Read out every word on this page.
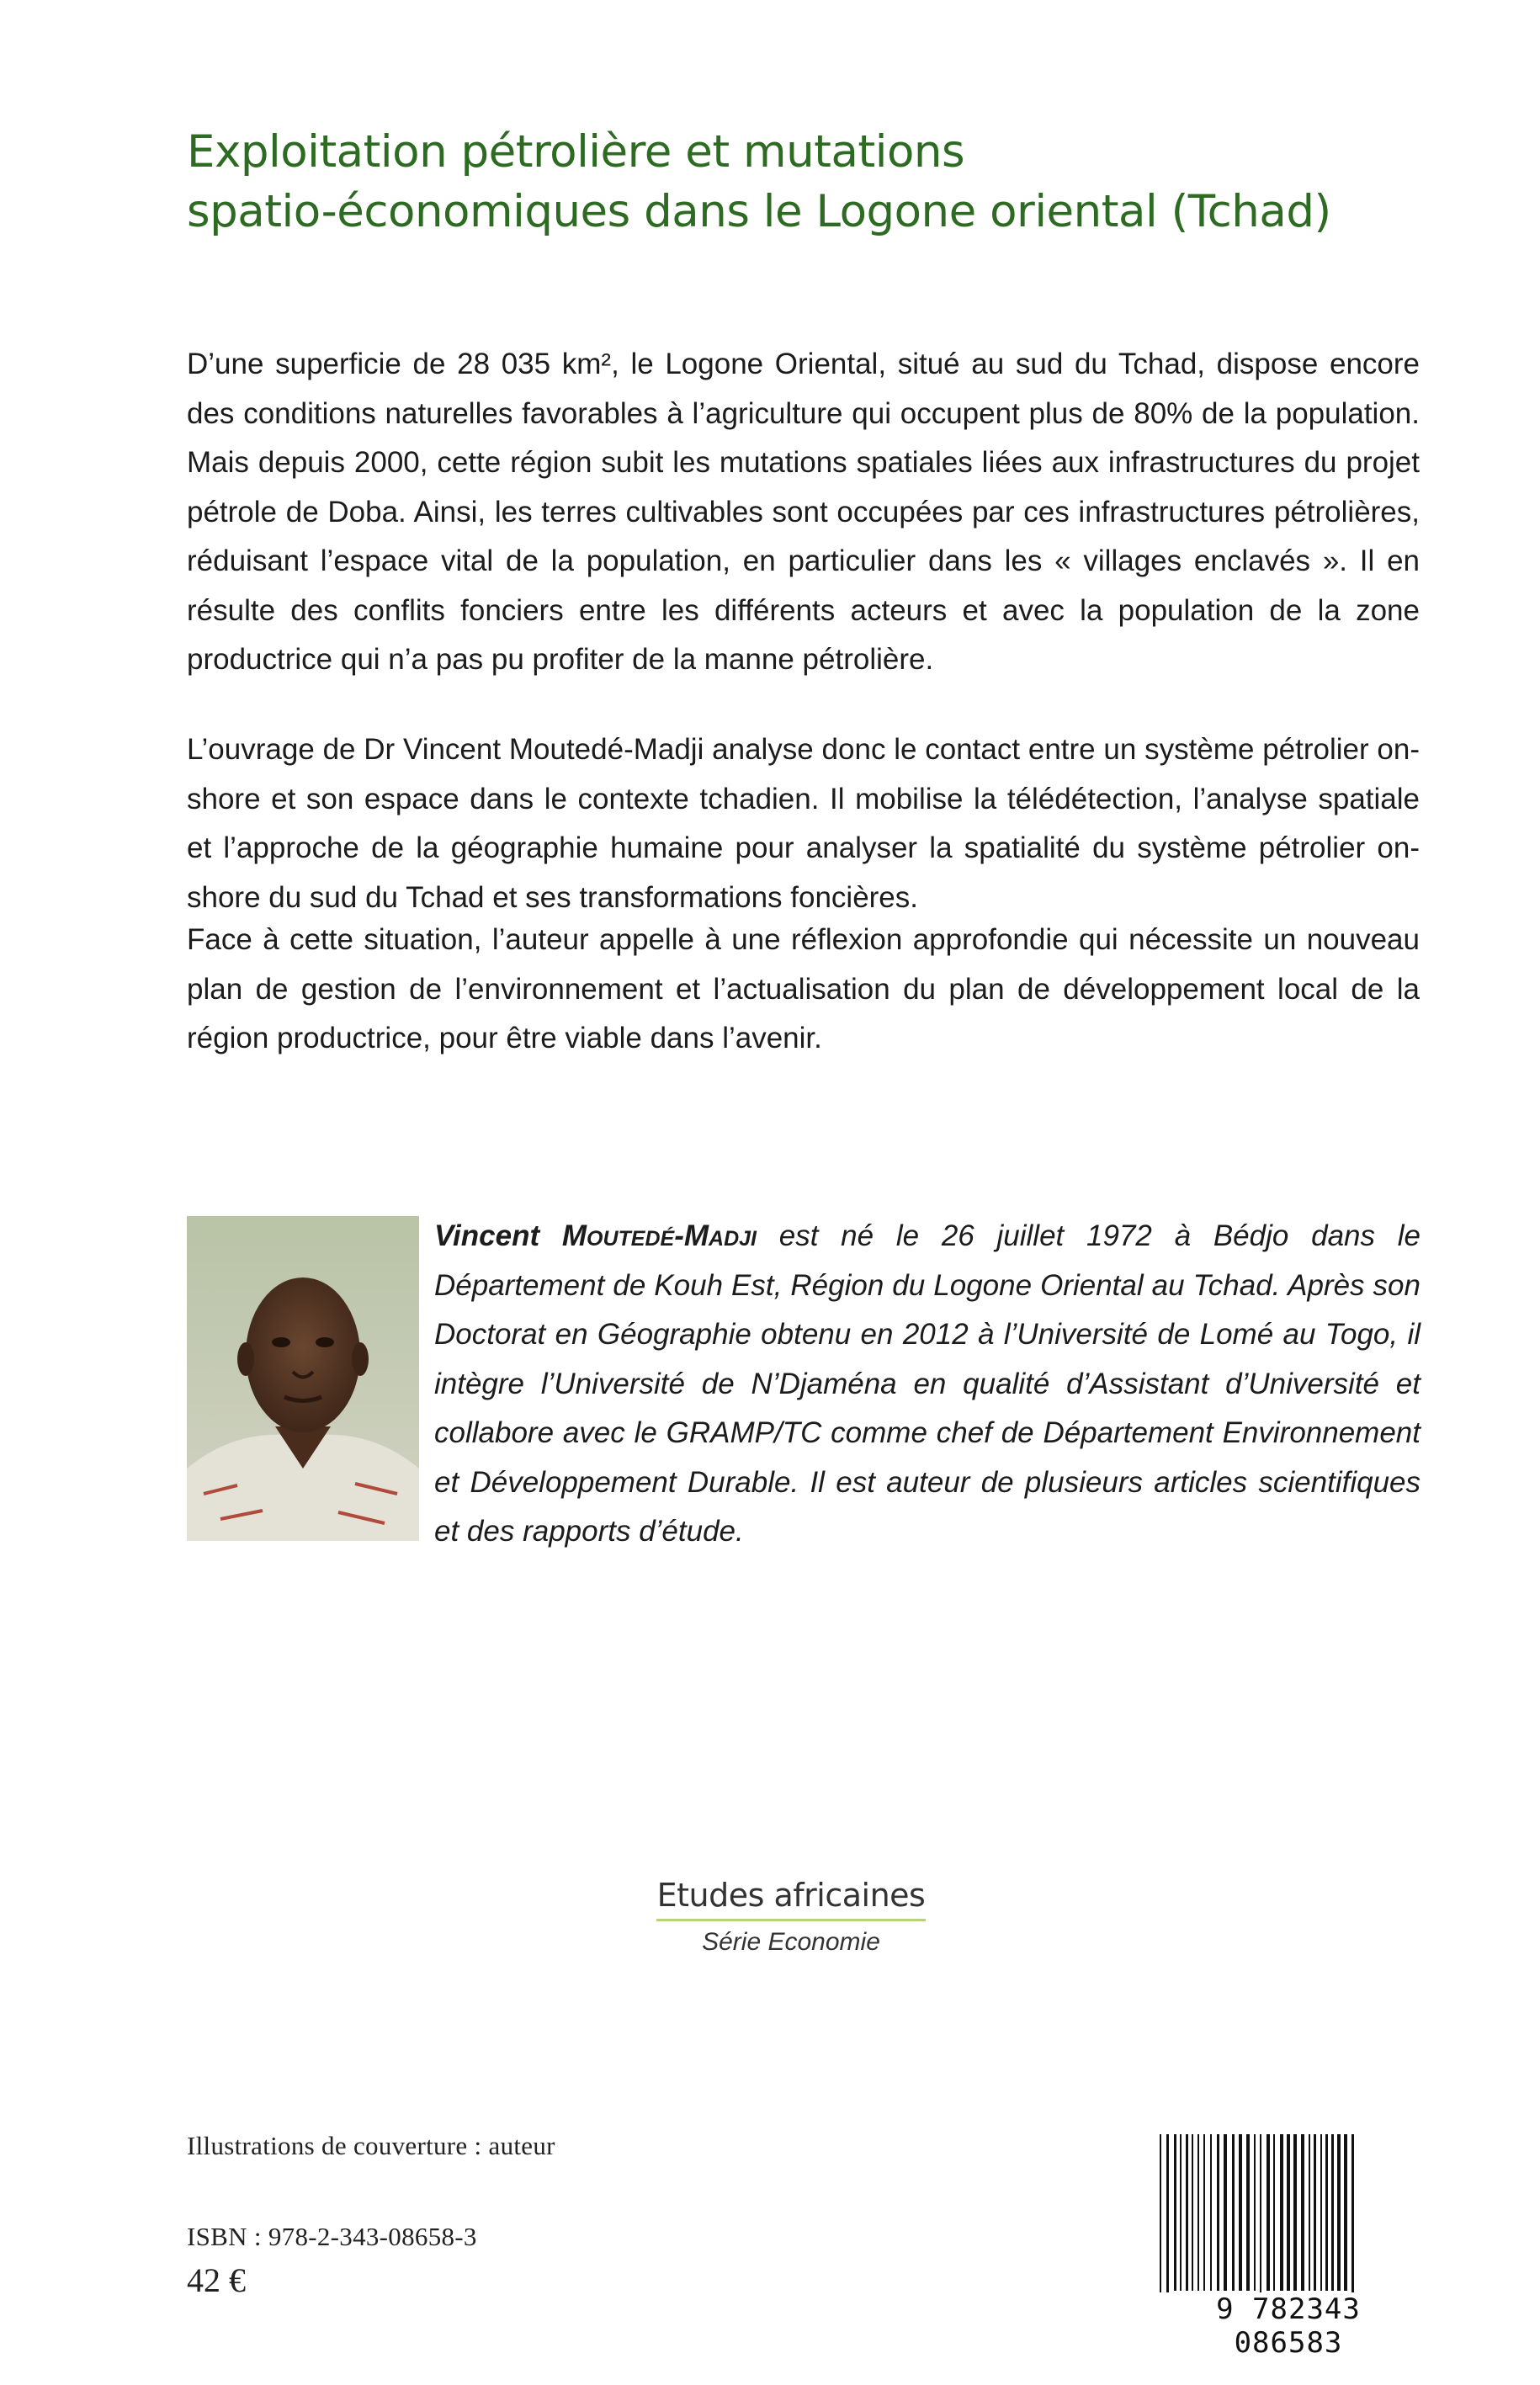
Exploitation pétrolière et mutations
spatio-économiques dans le Logone oriental (Tchad)

D’une superficie de 28 035 km², le Logone Oriental, situé au sud du Tchad, dispose encore des conditions naturelles favorables à l’agriculture qui occupent plus de 80% de la population. Mais depuis 2000, cette région subit les mutations spatiales liées aux infrastructures du projet pétrole de Doba. Ainsi, les terres cultivables sont occupées par ces infrastructures pétrolières, réduisant l’espace vital de la population, en particulier dans les « villages enclavés ». Il en résulte des conflits fonciers entre les différents acteurs et avec la population de la zone productrice qui n’a pas pu profiter de la manne pétrolière.

L’ouvrage de Dr Vincent Moutedé-Madji analyse donc le contact entre un système pétrolier on-shore et son espace dans le contexte tchadien. Il mobilise la télédétection, l’analyse spatiale et l’approche de la géographie humaine pour analyser la spatialité du système pétrolier on-shore du sud du Tchad et ses transformations foncières.

Face à cette situation, l’auteur appelle à une réflexion approfondie qui nécessite un nouveau plan de gestion de l’environnement et l’actualisation du plan de développement local de la région productrice, pour être viable dans l’avenir.

Vincent Moutedé-Madji est né le 26 juillet 1972 à Bédjo dans le Département de Kouh Est, Région du Logone Oriental au Tchad. Après son Doctorat en Géographie obtenu en 2012 à l’Université de Lomé au Togo, il intègre l’Université de N’Djaména en qualité d’Assistant d’Université et collabore avec le GRAMP/TC comme chef de Département Environnement et Développement Durable. Il est auteur de plusieurs articles scientifiques et des rapports d’étude.

Etudes africaines
Série Economie
Illustrations de couverture : auteur
ISBN : 978-2-343-08658-3
42 €
9 782343 086583
